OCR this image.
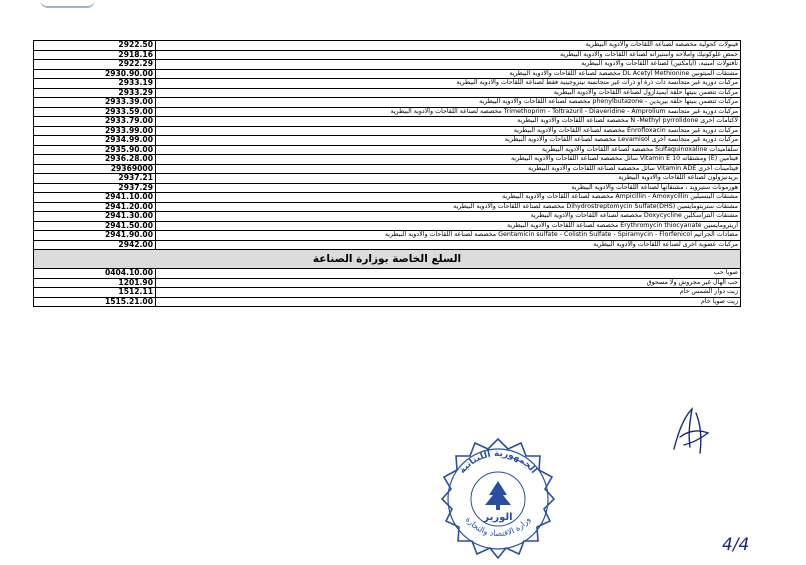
2922.50	فينولات كحولية مخصصة لصناعة اللقاحات والادوية البيطرية
2918.16	حمض غلوكونيك واملاحه واستيراته لصناعة اللقاحات والادوية البيطرية
2922.29	نافتولات امينية، (ايامكتين) لصناعة اللقاحات والادوية البيطرية
2930.90.00	مشتقات الميثونين DL Acetyl Methionine مخصصة لصناعة اللقاحات والادوية البيطرية
2933.19	مركبات دورية غير متجانسة ذات ذرة او ذرات غير متجانسة نيتروجينية فقط لصناعة اللقاحات والادوية البيطرية
2933.29	مركبات تتضمن بنيتها حلقة ايميدازول لصناعة اللقاحات والادوية البيطرية
2933.39.00	مركبات تتضمن بنيتها حلقة بيريدين - phenylbutazone مخصصة لصناعة اللقاحات والادوية البيطرية
2933.59.00	مركبات دورية غير متجانسة Trimethoprim - Toltrazuril - Diaveridine - Amprolium مخصصة لصناعة اللقاحات والادوية البيطرية
2933.79.00	لاكتامات أخرى N -Methyl pyrrolidone مخصصة لصناعة اللقاحات والادوية البيطرية
2933.99.00	مركبات دورية غير متجانسة Enrofloxacin مخصصة لصناعة اللقاحات والادوية البيطرية
2934.99.00	مركبات دورية غير متجانسة أخرى Levamisol مخصصة لصناعة اللقاحات والادوية البيطرية
2935.90.00	سلفاميدات Sulfaquinoxaline مخصصة لصناعة اللقاحات والادوية البيطرية
2936.28.00	فيتامين (E) ومشتقاته Vitamin E 10 سائل مخصصة لصناعة اللقاحات والادوية البيطرية
29369000	فيتامينات أخرى Vitamin ADE سائل مخصصة لصناعة اللقاحات والادوية البيطرية
2937.21	بريدنيزولون لصناعة اللقاحات والادوية البيطرية
2937.29	هورمونات ستيرويد ، مشتقاتها لصناعة اللقاحات والادوية البيطرية
2941.10.00	مشتقات البنسيلين Ampicillin - Amoxycillin مخصصة لصناعة اللقاحات والادوية البيطرية
2941.20.00	مشتقات ستربتومايسين Dihydrostreptomycin Sulfate(DHS) مخصصة لصناعة اللقاحات والادوية البيطرية
2941.30.00	مشتقات التتراسكلين Doxycycline مخصصة لصناعة اللقاحات والادوية البيطرية
2941.50.00	اريثرومايسين Erythromycin thiocyanate مخصصة لصناعة اللقاحات والادوية البيطرية
2941.90.00	مضادات الجراثيم Gentamicin sulfate - Colistin Sulfate - Spiramycin - Florfenicol مخصصة لصناعة اللقاحات والادوية البيطرية
2942.00	مركبات عضوية أخرى لصناعة اللقاحات والادوية البيطرية
السلع الخاصة بوزارة الصناعة	
0404.10.00	صويا حب
1201.90	حب الهال غير مجروش ولا مسحوق
1512.11	زيت دوار الشمس خام
1515.21.00	زيت صويا خام
الجمهورية اللبنانية
وزارة الاقتصاد والتجارة
الوزير
4/4
